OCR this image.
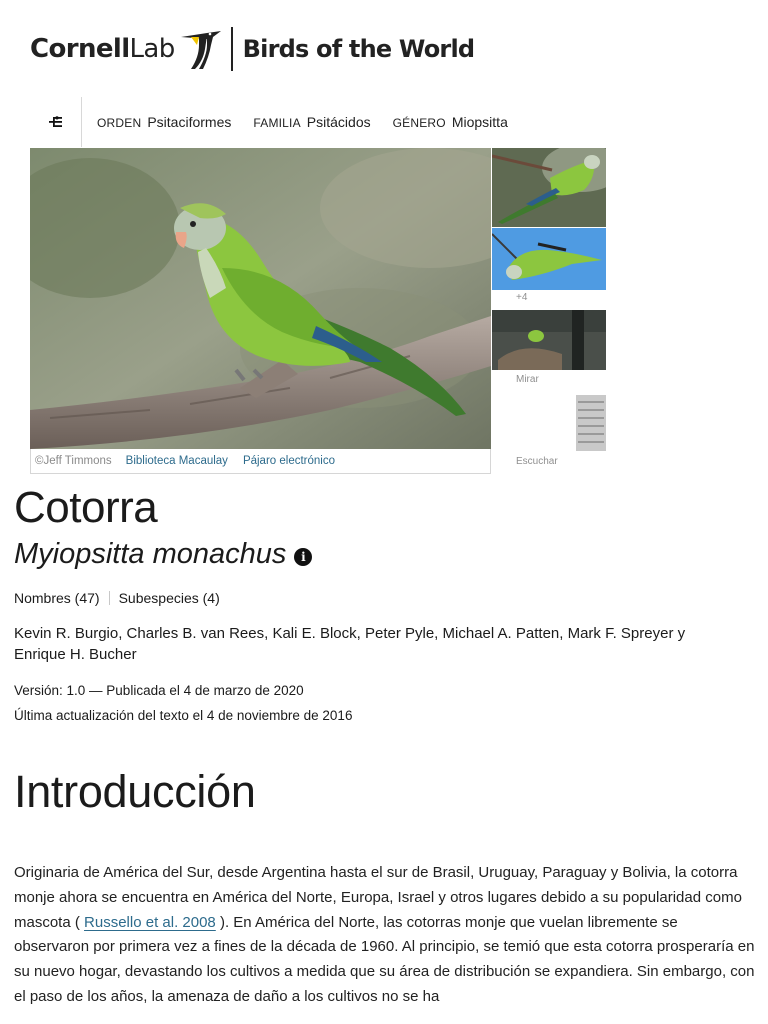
Cornell Lab	Birds of the World
ORDEN Psitaciformes FAMILIA Psitácidos GÉNERO Miopsitta
©Jeff Timmons Biblioteca Macaulay Pájaro electrónico
+4
Mirar
Escuchar
Cotorra
Myiopsitta monachus	i
Nombres (47) Subespecies (4)

Kevin R. Burgio, Charles B. van Rees, Kali E. Block, Peter Pyle, Michael A. Patten, Mark F. Spreyer y Enrique H. Bucher

Versión: 1.0 — Publicada el 4 de marzo de 2020

Última actualización del texto el 4 de noviembre de 2016

Introducción

Originaria de América del Sur, desde Argentina hasta el sur de Brasil, Uruguay, Paraguay y Bolivia, la cotorra monje ahora se encuentra en América del Norte, Europa, Israel y otros lugares debido a su popularidad como mascota ( Russello et al. 2008 ). En América del Norte, las cotorras monje que vuelan libremente se observaron por primera vez a fines de la década de 1960. Al principio, se temió que esta cotorra prosperaría en su nuevo hogar, devastando los cultivos a medida que su área de distribución se expandiera. Sin embargo, con el paso de los años, la amenaza de daño a los cultivos no se ha
